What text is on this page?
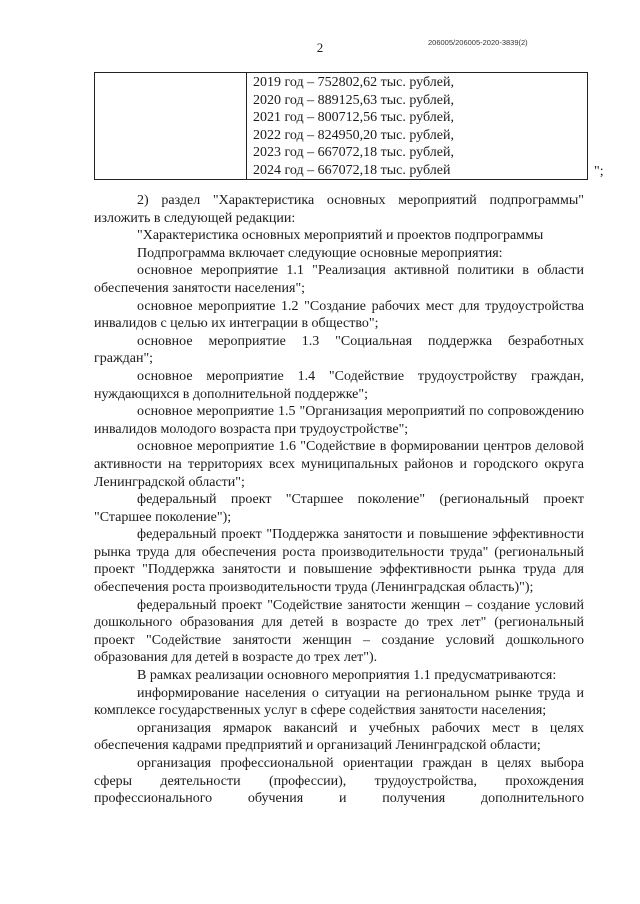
2	206005/206005-2020-3839(2)

2019 год – 752802,62 тыс. рублей,
2020 год – 889125,63 тыс. рублей,
2021 год – 800712,56 тыс. рублей,
2022 год – 824950,20 тыс. рублей,
2023 год – 667072,18 тыс. рублей,
2024 год – 667072,18 тыс. рублей	";

2) раздел "Характеристика основных мероприятий подпрограммы" изложить в следующей редакции:

"Характеристика основных мероприятий и проектов подпрограммы

Подпрограмма включает следующие основные мероприятия:

основное мероприятие 1.1 "Реализация активной политики в области обеспечения занятости населения";

основное мероприятие 1.2 "Создание рабочих мест для трудоустройства инвалидов с целью их интеграции в общество";

основное мероприятие 1.3 "Социальная поддержка безработных граждан";

основное мероприятие 1.4 "Содействие трудоустройству граждан, нуждающихся в дополнительной поддержке";

основное мероприятие 1.5 "Организация мероприятий по сопровождению инвалидов молодого возраста при трудоустройстве";

основное мероприятие 1.6 "Содействие в формировании центров деловой активности на территориях всех муниципальных районов и городского округа Ленинградской области";

федеральный проект "Старшее поколение" (региональный проект "Старшее поколение");

федеральный проект "Поддержка занятости и повышение эффективности рынка труда для обеспечения роста производительности труда" (региональный проект "Поддержка занятости и повышение эффективности рынка труда для обеспечения роста производительности труда (Ленинградская область)");

федеральный проект "Содействие занятости женщин – создание условий дошкольного образования для детей в возрасте до трех лет" (региональный проект "Содействие занятости женщин – создание условий дошкольного образования для детей в возрасте до трех лет").

В рамках реализации основного мероприятия 1.1 предусматриваются:

информирование населения о ситуации на региональном рынке труда и комплексе государственных услуг в сфере содействия занятости населения;

организация ярмарок вакансий и учебных рабочих мест в целях обеспечения кадрами предприятий и организаций Ленинградской области;

организация профессиональной ориентации граждан в целях выбора сферы деятельности (профессии), трудоустройства, прохождения профессионального обучения и получения дополнительного
